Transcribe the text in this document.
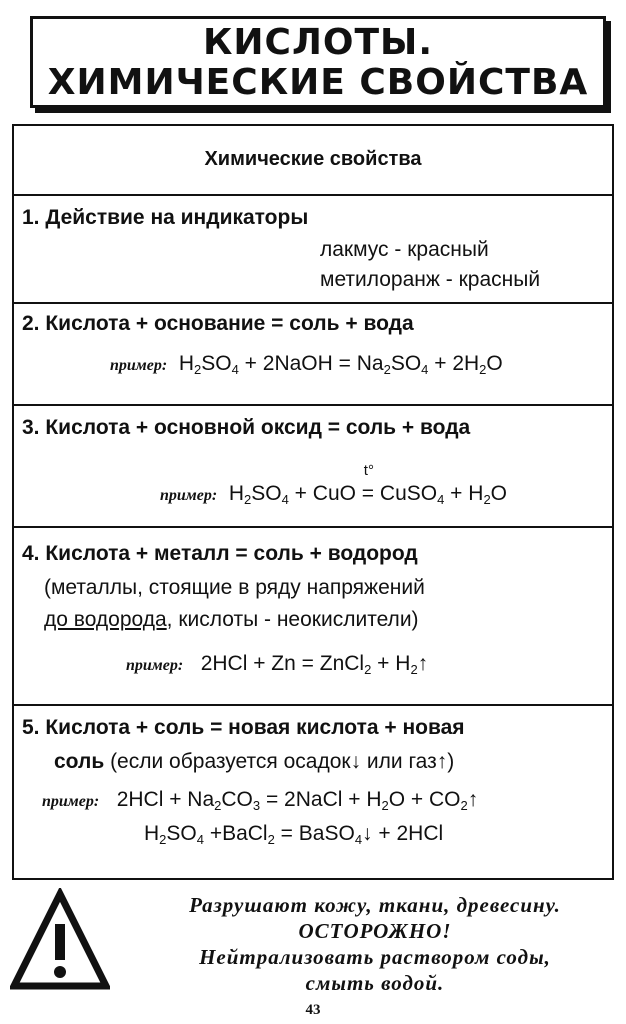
КИСЛОТЫ.
ХИМИЧЕСКИЕ СВОЙСТВА
Химические свойства
1. Действие на индикаторы
лакмус - красный
метилоранж - красный
2. Кислота + основание = соль + вода
пример:  $H_2SO_4$ + 2NaOH = $Na_2SO_4 + 2H_2O$
3. Кислота + основной оксид = соль + вода
пример:  $H_2SO_4$ + CuO
t°
= CuSO$_4$ + $H_2O$
4. Кислота + металл = соль + водород
(металлы, стоящие в ряду напряжений
до водорода, кислоты - неокислители)
пример:   2HCl + Zn = ZnCl$_2$ + $H_2↑$
5. Кислота + соль = новая кислота + новая
соль (если образуется осадок↓ или газ↑)
пример:   $2HCl + Na_2CO_3$ = 2NaCl + $H_2O$ + $CO_2↑$
$H_2SO_4$ +BaCl$_2$ = BaSO$_4$↓ + 2HCl
Разрушают кожу, ткани, древесину.
ОСТОРОЖНО!
Нейтрализовать раствором соды,
смыть водой.
43
